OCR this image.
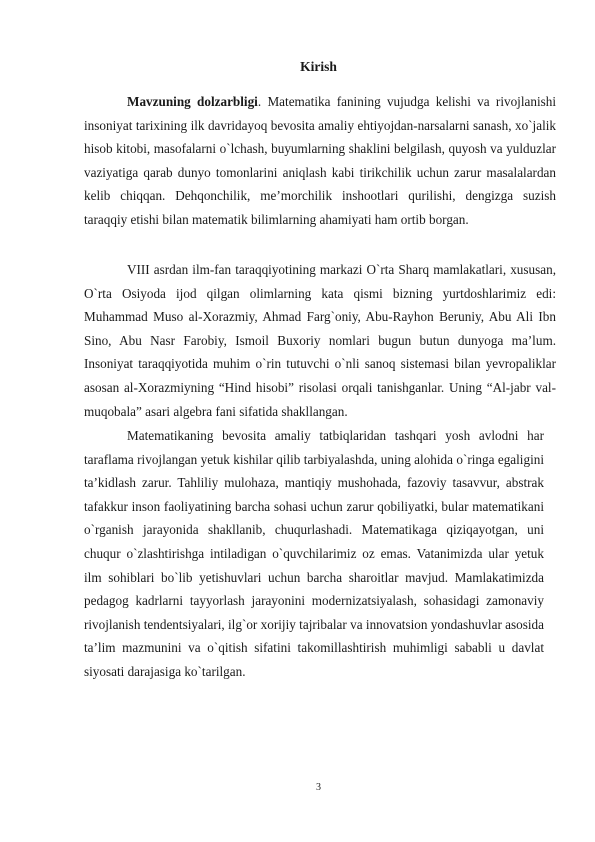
Kirish

Mavzuning dolzarbligi. Matematika fanining vujudga kelishi va rivojlanishi insoniyat tarixining ilk davridayoq bevosita amaliy ehtiyojdan-narsalarni sanash, xo`jalik hisob kitobi, masofalarni o`lchash, buyumlarning shaklini belgilash, quyosh va yulduzlar vaziyatiga qarab dunyo tomonlarini aniqlash kabi tirikchilik uchun zarur masalalardan kelib chiqqan. Dehqonchilik, me’morchilik inshootlari qurilishi, dengizga suzish taraqqiy etishi bilan matematik bilimlarning ahamiyati ham ortib borgan.

VIII asrdan ilm-fan taraqqiyotining markazi O`rta Sharq mamlakatlari, xususan, O`rta Osiyoda ijod qilgan olimlarning kata qismi bizning yurtdoshlarimiz edi: Muhammad Muso al-Xorazmiy, Ahmad Farg`oniy, Abu-Rayhon Beruniy, Abu Ali Ibn Sino, Abu Nasr Farobiy, Ismoil Buxoriy nomlari bugun butun dunyoga ma’lum. Insoniyat taraqqiyotida muhim o`rin tutuvchi o`nli sanoq sistemasi bilan yevropaliklar asosan al-Xorazmiyning “Hind hisobi” risolasi orqali tanishganlar. Uning “Al-jabr val-muqobala” asari algebra fani sifatida shakllangan.

Matematikaning bevosita amaliy tatbiqlaridan tashqari yosh avlodni har taraflama rivojlangan yetuk kishilar qilib tarbiyalashda, uning alohida o`ringa egaligini ta’kidlash zarur. Tahliliy mulohaza, mantiqiy mushohada, fazoviy tasavvur, abstrak tafakkur inson faoliyatining barcha sohasi uchun zarur qobiliyatki, bular matematikani o`rganish jarayonida shakllanib, chuqurlashadi. Matematikaga qiziqayotgan, uni chuqur o`zlashtirishga intiladigan o`quvchilarimiz oz emas. Vatanimizda ular yetuk ilm sohiblari bo`lib yetishuvlari uchun barcha sharoitlar mavjud. Mamlakatimizda pedagog kadrlarni tayyorlash jarayonini modernizatsiyalash, sohasidagi zamonaviy rivojlanish tendentsiyalari, ilg`or xorijiy tajribalar va innovatsion yondashuvlar asosida ta’lim mazmunini va o`qitish sifatini takomillashtirish muhimligi sababli u davlat siyosati darajasiga ko`tarilgan.

3
